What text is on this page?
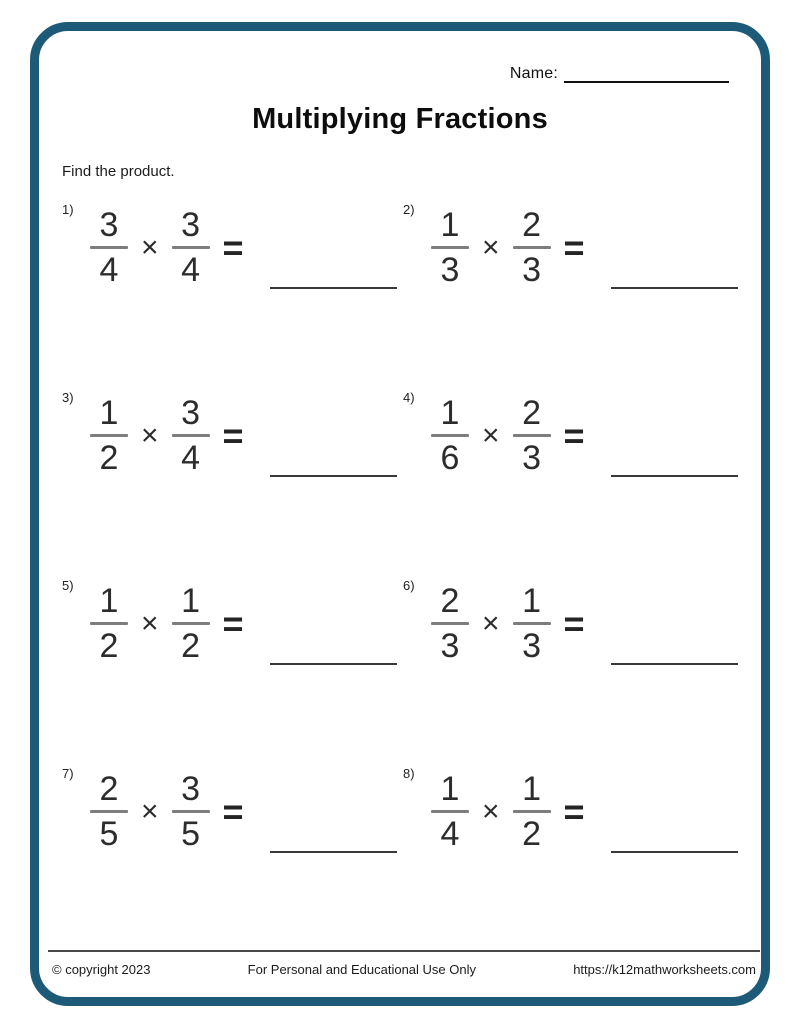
Name:
Multiplying Fractions
Find the product.
$1) \frac{3}{4} \times \frac{3}{4}$ =
$2) \frac{1}{3} \times \frac{2}{3}$ =
$3) \frac{1}{2} \times \frac{3}{4}$ =
$4) \frac{1}{6} \times \frac{2}{3}$ =
$5) \frac{1}{2} \times \frac{1}{2}$ =
$6) \frac{2}{3} \times \frac{1}{3}$ =
$7) \frac{2}{5} \times \frac{3}{5}$ =
$8) \frac{1}{4} \times \frac{1}{2}$ =
© copyright 2023	For Personal and Educational Use Only	https://k12mathworksheets.com
